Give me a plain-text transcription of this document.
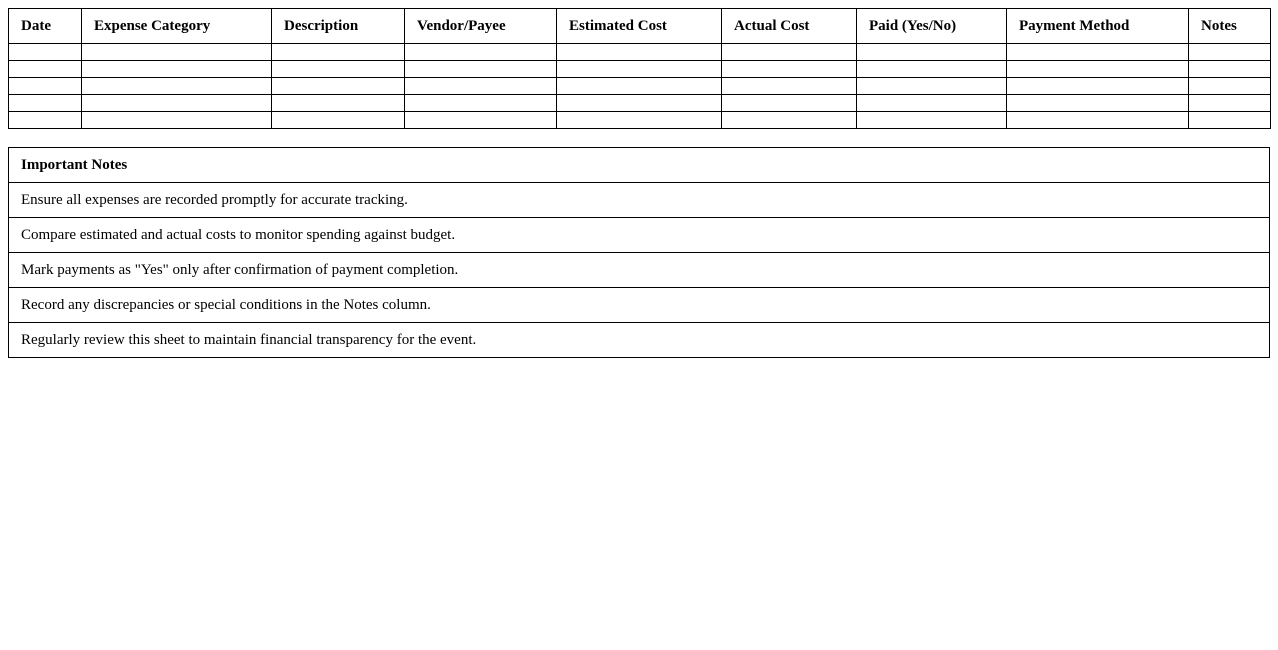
Date	Expense Category	Description	Vendor/Payee	Estimated Cost	Actual Cost	Paid (Yes/No)	Payment Method	Notes

Important Notes
Ensure all expenses are recorded promptly for accurate tracking.
Compare estimated and actual costs to monitor spending against budget.
Mark payments as "Yes" only after confirmation of payment completion.
Record any discrepancies or special conditions in the Notes column.
Regularly review this sheet to maintain financial transparency for the event.
